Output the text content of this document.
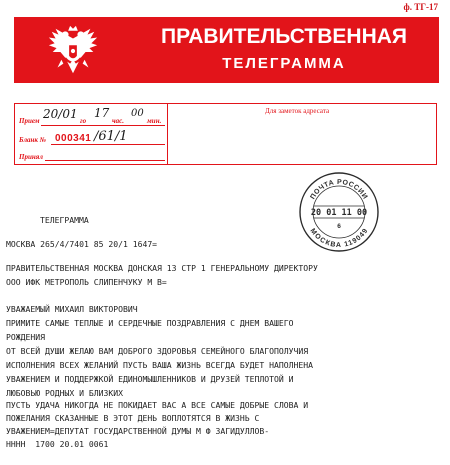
ф. ТГ-17
ПРАВИТЕЛЬСТВЕННАЯ
ТЕЛЕГРАММА
Прием 20/01 го
17
час.
00
мин.
Бланк № 000341 /61/1
Принял
Для заметок адресата
ПОЧТА РОССИИ
МОСКВА 119049
20 01 11 00
6
ТЕЛЕГРАММА
МОСКВА 265/4/7401 85 20/1 1647=
ПРАВИТЕЛЬСТВЕННАЯ МОСКВА ДОНСКАЯ 13 СТР 1 ГЕНЕРАЛЬНОМУ ДИРЕКТОРУ
ООО ИФК МЕТРОПОЛЬ СЛИПЕНЧУКУ М В=
УВАЖАЕМЫЙ МИХАИЛ ВИКТОРОВИЧ
ПРИМИТЕ САМЫЕ ТЕПЛЫЕ И СЕРДЕЧНЫЕ ПОЗДРАВЛЕНИЯ С ДНЕМ ВАШЕГО
РОЖДЕНИЯ
ОТ ВСЕЙ ДУШИ ЖЕЛАЮ ВАМ ДОБРОГО ЗДОРОВЬЯ СЕМЕЙНОГО БЛАГОПОЛУЧИЯ
ИСПОЛНЕНИЯ ВСЕХ ЖЕЛАНИЙ ПУСТЬ ВАША ЖИЗНЬ ВСЕГДА БУДЕТ НАПОЛНЕНА
УВАЖЕНИЕМ И ПОДДЕРЖКОЙ ЕДИНОМЫШЛЕННИКОВ И ДРУЗЕЙ ТЕПЛОТОЙ И
ЛЮБОВЬЮ РОДНЫХ И БЛИЗКИХ
ПУСТЬ УДАЧА НИКОГДА НЕ ПОКИДАЕТ ВАС А ВСЕ САМЫЕ ДОБРЫЕ СЛОВА И
ПОЖЕЛАНИЯ СКАЗАННЫЕ В ЭТОТ ДЕНЬ ВОПЛОТЯТСЯ В ЖИЗНЬ С
УВАЖЕНИЕМ=ДЕПУТАТ ГОСУДАРСТВЕННОЙ ДУМЫ М Ф ЗАГИДУЛЛОВ-
НННН  1700 20.01 0061
